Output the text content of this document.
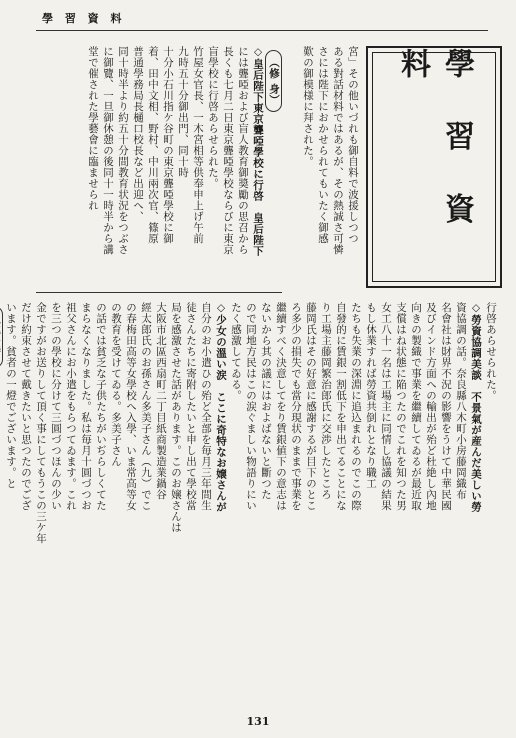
學 習 資 料
學 習 資 料
宮」その他いづれも御自料で波援しつつ
ある對話材料ではあるが、その熱誠さ可憐
さには陛下におかせられてもいたく御感
歎の御模様に拜された。
（修 身）
◇皇后陛下東京聾啞學校に行啓　皇后陛下
には聾啞および盲人教育御奬勵の思召から
長くも七月二日東京聾啞學校ならびに東京
盲學校に行啓あらせられた。
竹屋女官長、一木宮相等供奉申上げ午前
九時五十分御出門、同十時
十分小石川指ケ谷町の東京聾啞學校に御
着、田中文相、野村、中川兩次官、篠原
普通學務局長樋口校長など出迎へ、
同十時半より約五十分間教育状況をつぶさ
に御覽、一旦御休憩の後同十一時半から講
堂で催された學藝會に臨ませられ
行啓あらせられた。
◇勞資協調美談　不景氣が産んだ美しい勞
資協調の話。奈良縣八木町小房藤岡織布
名會社は財界不況の影響をうけて中華民國
及びインド方面への輸出が殆ど杜絶し內地
向きの製織で事業を繼續してゐるが最近取
支償はね状態に陥つたのでこれを知つた男
女工八十一名は工場主に同情し協議の結果
もし休業すれば勞資共倒れとなり職工
たちも失業の深淵に追込まれるのでこの際
自發的に賃銀一割低下を申出てることにな
り工場主藤岡繁治郎氏に交渉したところ
藤岡氏はその好意に感謝するが目下のとこ
ろ多少の損失でも當分現状のままで事業を
繼續すべく決意してをり賃銀値下の意志は
ないから其の議にはおよばないと斷つた
ので同地方民はこの涙ぐましい物語りにい
たく感激してゐる。
◇少女の溫い涙　ここに奇特なお嬢さんが
自分のお小遣ひの殆ど全部を毎月三年間生
徒さんたちに寄附したいと申し出て學校當
局を感激させた話があります。このお嬢さんは
大阪市北區西扇町二丁目紙商製造業鍋谷
經太郎氏のお孫さん多美子さん（九）でこ
の春梅田高等女學校へ入學、いま常高等女
の教育を受けてゐる。多美子さん
の話では貧乏な子供たちがいぢらしくてた
まらなくなりました。私は毎月十圓づつお
祖父さんにお小遣をもらつてゐます。これ
を三つの學校に分けて三圓づつほんの少い
金ですがお送りして頂く事にしてもうこの三ケ年
だけ約束させて戴きたいと思つたのでござ
います。貧者の一燈でございます。と
131
